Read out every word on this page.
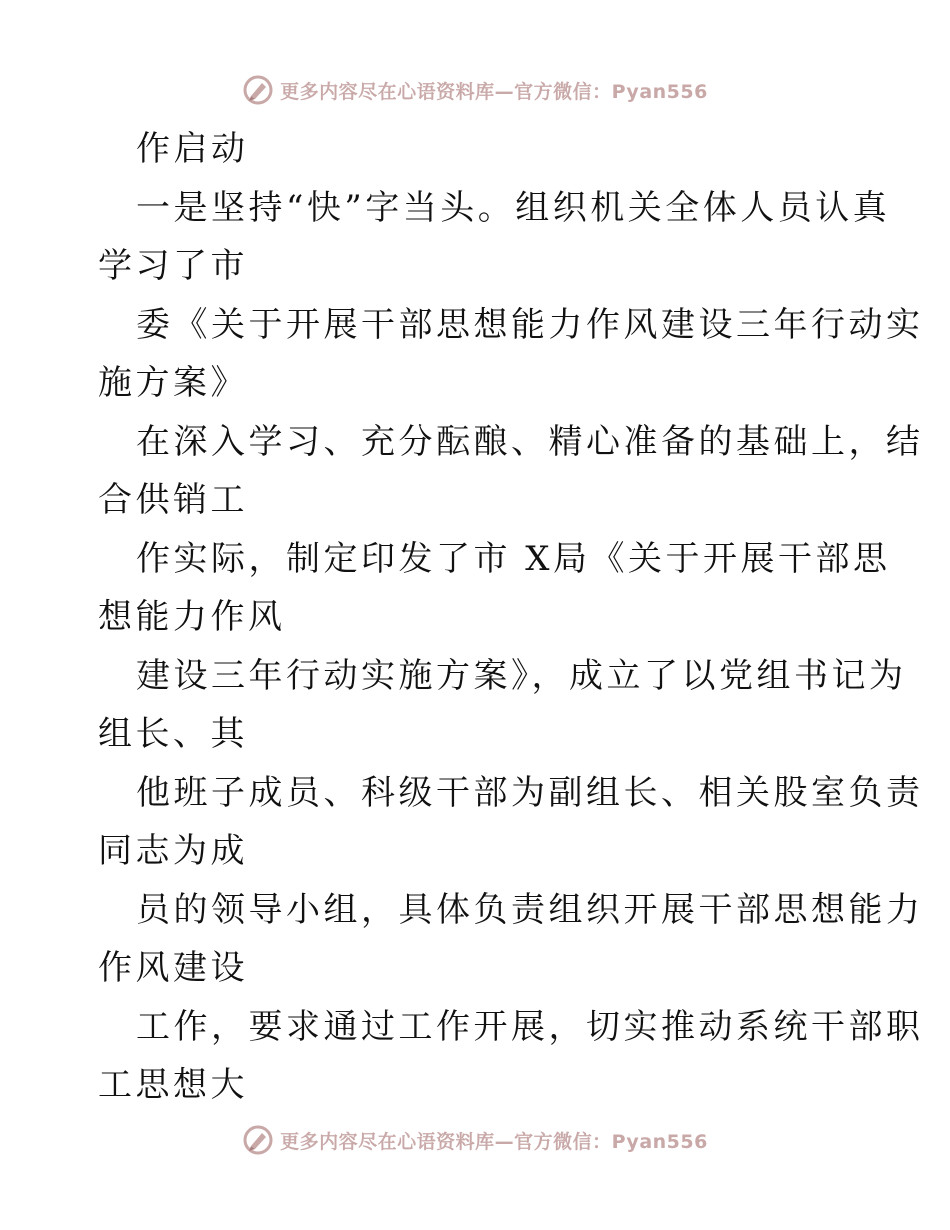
更多内容尽在心语资料库—官方微信：Pyan556
作启动
一是坚持“快”字当头。组织机关全体人员认真
学习了市
委《关于开展干部思想能力作风建设三年行动实
施方案》
在深入学习、充分酝酿、精心准备的基础上，结
合供销工
作实际，制定印发了市 X局《关于开展干部思
想能力作风
建设三年行动实施方案》，成立了以党组书记为
组长、其
他班子成员、科级干部为副组长、相关股室负责
同志为成
员的领导小组，具体负责组织开展干部思想能力
作风建设
工作，要求通过工作开展，切实推动系统干部职
工思想大
更多内容尽在心语资料库—官方微信：Pyan556
